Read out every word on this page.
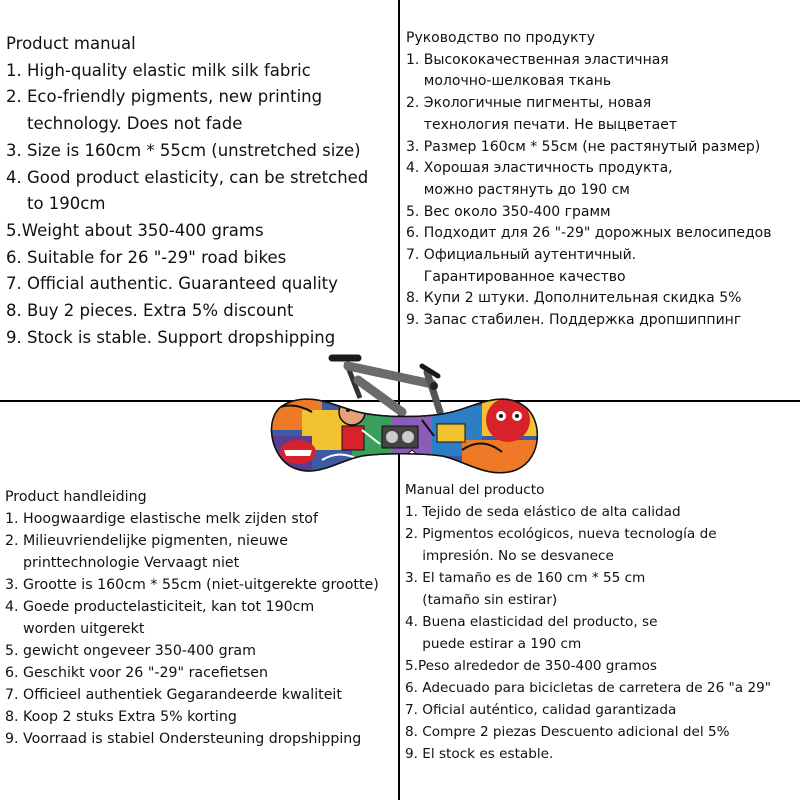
Product manual
1. High-quality elastic milk silk fabric
2. Eco-friendly pigments, new printing
technology. Does not fade
3. Size is 160cm * 55cm (unstretched size)
4. Good product elasticity, can be stretched
to 190cm
5.Weight about 350-400 grams
6. Suitable for 26 "-29" road bikes
7. Official authentic. Guaranteed quality
8. Buy 2 pieces. Extra 5% discount
9. Stock is stable. Support dropshipping
Руководство по продукту
1. Высококачественная эластичная
молочно-шелковая ткань
2. Экологичные пигменты, новая
технология печати. Не выцветает
3. Размер 160см * 55см (не растянутый размер)
4. Хорошая эластичность продукта,
можно растянуть до 190 см
5. Вес около 350-400 грамм
6. Подходит для 26 "-29" дорожных велосипедов
7. Официальный аутентичный.
Гарантированное качество
8. Купи 2 штуки. Дополнительная скидка 5%
9. Запас стабилен. Поддержка дропшиппинг
Product handleiding
1. Hoogwaardige elastische melk zijden stof
2. Milieuvriendelijke pigmenten, nieuwe
printtechnologie Vervaagt niet
3. Grootte is 160cm * 55cm (niet-uitgerekte grootte)
4. Goede productelasticiteit, kan tot 190cm
worden uitgerekt
5. gewicht ongeveer 350-400 gram
6. Geschikt voor 26 "-29" racefietsen
7. Officieel authentiek Gegarandeerde kwaliteit
8. Koop 2 stuks Extra 5% korting
9. Voorraad is stabiel Ondersteuning dropshipping
Manual del producto
1. Tejido de seda elástico de alta calidad
2. Pigmentos ecológicos, nueva tecnología de
impresión. No se desvanece
3. El tamaño es de 160 cm * 55 cm
(tamaño sin estirar)
4. Buena elasticidad del producto, se
puede estirar a 190 cm
5.Peso alrededor de 350-400 gramos
6. Adecuado para bicicletas de carretera de 26 "a 29"
7. Oficial auténtico, calidad garantizada
8. Compre 2 piezas Descuento adicional del 5%
9. El stock es estable.
